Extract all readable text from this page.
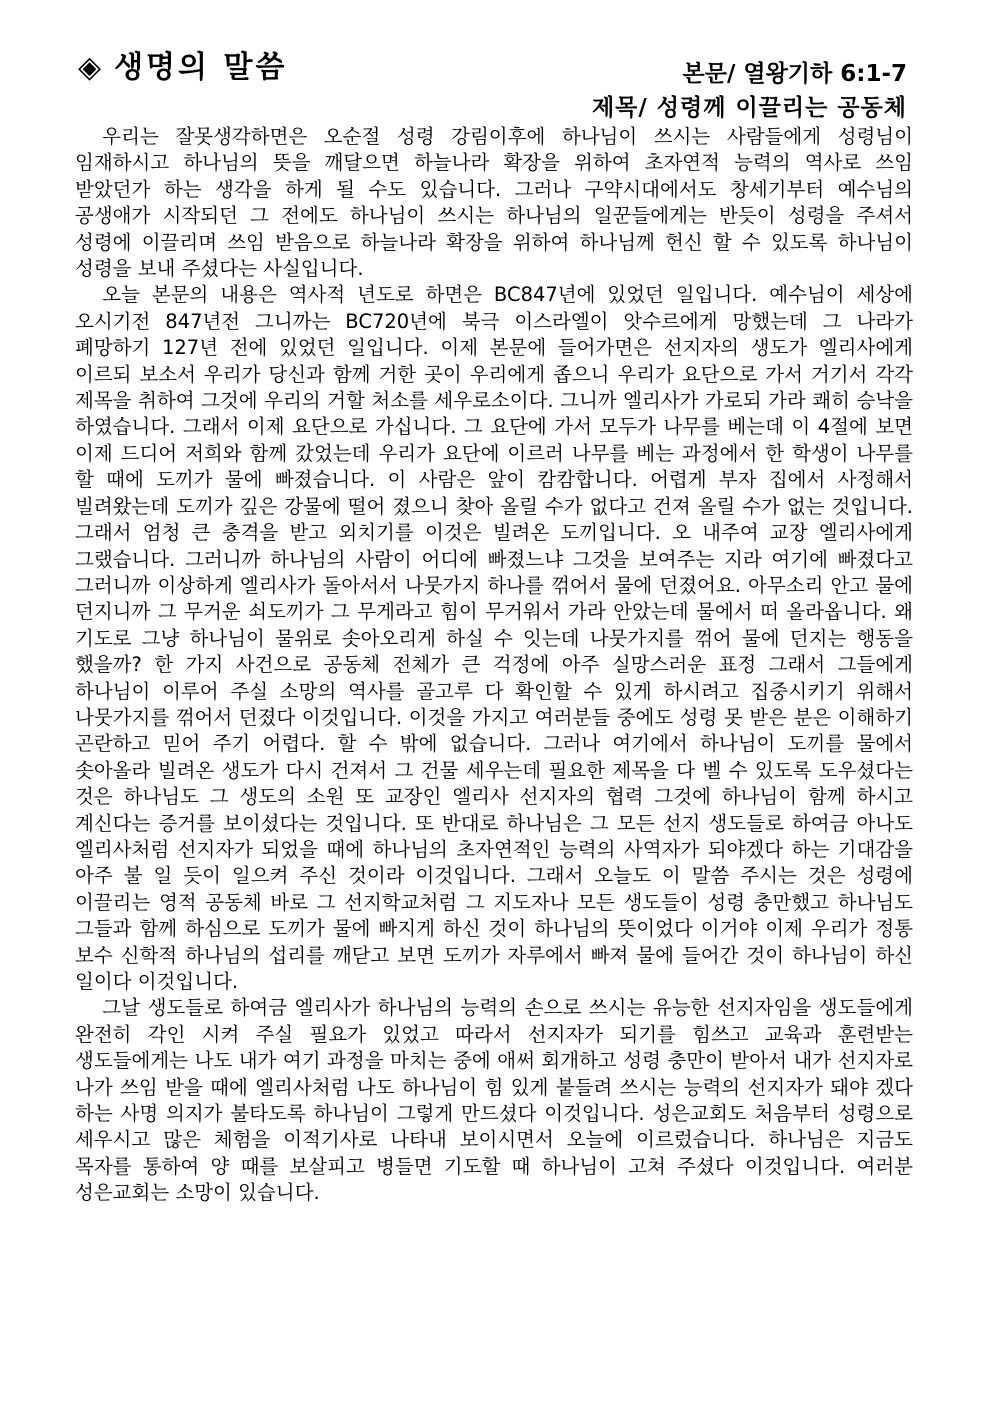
◈ 생명의 말씀	본문/ 열왕기하 6:1-7
제목/ 성령께 이끌리는 공동체

우리는 잘못생각하면은 오순절 성령 강림이후에 하나님이 쓰시는 사람들에게 성령님이 임재하시고 하나님의 뜻을 깨달으면 하늘나라 확장을 위하여 초자연적 능력의 역사로 쓰임 받았던가 하는 생각을 하게 될 수도 있습니다. 그러나 구약시대에서도 창세기부터 예수님의 공생애가 시작되던 그 전에도 하나님이 쓰시는 하나님의 일꾼들에게는 반듯이 성령을 주셔서 성령에 이끌리며 쓰임 받음으로 하늘나라 확장을 위하여 하나님께 헌신 할 수 있도록 하나님이 성령을 보내 주셨다는 사실입니다.

오늘 본문의 내용은 역사적 년도로 하면은 BC847년에 있었던 일입니다. 예수님이 세상에 오시기전 847년전 그니까는 BC720년에 북극 이스라엘이 앗수르에게 망했는데 그 나라가 폐망하기 127년 전에 있었던 일입니다. 이제 본문에 들어가면은 선지자의 생도가 엘리사에게 이르되 보소서 우리가 당신과 함께 거한 곳이 우리에게 좁으니 우리가 요단으로 가서 거기서 각각 제목을 취하여 그것에 우리의 거할 처소를 세우로소이다. 그니까 엘리사가 가로되 가라 쾌히 승낙을 하였습니다. 그래서 이제 요단으로 가십니다. 그 요단에 가서 모두가 나무를 베는데 이 4절에 보면 이제 드디어 저희와 함께 갔었는데 우리가 요단에 이르러 나무를 베는 과정에서 한 학생이 나무를 할 때에 도끼가 물에 빠졌습니다. 이 사람은 앞이 캄캄합니다. 어렵게 부자 집에서 사정해서 빌려왔는데 도끼가 깊은 강물에 떨어 졌으니 찾아 올릴 수가 없다고 건져 올릴 수가 없는 것입니다. 그래서 엄청 큰 충격을 받고 외치기를 이것은 빌려온 도끼입니다. 오 내주여 교장 엘리사에게 그랬습니다. 그러니까 하나님의 사람이 어디에 빠졌느냐 그것을 보여주는 지라 여기에 빠졌다고 그러니까 이상하게 엘리사가 돌아서서 나뭇가지 하나를 꺾어서 물에 던졌어요. 아무소리 안고 물에 던지니까 그 무거운 쇠도끼가 그 무게라고 힘이 무거워서 가라 안았는데 물에서 떠 올라옵니다. 왜 기도로 그냥 하나님이 물위로 솟아오리게 하실 수 잇는데 나뭇가지를 꺾어 물에 던지는 행동을 했을까? 한 가지 사건으로 공동체 전체가 큰 걱정에 아주 실망스러운 표정 그래서 그들에게 하나님이 이루어 주실 소망의 역사를 골고루 다 확인할 수 있게 하시려고 집중시키기 위해서 나뭇가지를 꺾어서 던졌다 이것입니다. 이것을 가지고 여러분들 중에도 성령 못 받은 분은 이해하기 곤란하고 믿어 주기 어렵다. 할 수 밖에 없습니다. 그러나 여기에서 하나님이 도끼를 물에서 솟아올라 빌려온 생도가 다시 건져서 그 건물 세우는데 필요한 제목을 다 벨 수 있도록 도우셨다는 것은 하나님도 그 생도의 소원 또 교장인 엘리사 선지자의 협력 그것에 하나님이 함께 하시고 계신다는 증거를 보이셨다는 것입니다. 또 반대로 하나님은 그 모든 선지 생도들로 하여금 아나도 엘리사처럼 선지자가 되었을 때에 하나님의 초자연적인 능력의 사역자가 되야겠다 하는 기대감을 아주 불 일 듯이 일으켜 주신 것이라 이것입니다. 그래서 오늘도 이 말씀 주시는 것은 성령에 이끌리는 영적 공동체 바로 그 선지학교처럼 그 지도자나 모든 생도들이 성령 충만했고 하나님도 그들과 함께 하심으로 도끼가 물에 빠지게 하신 것이 하나님의 뜻이었다 이거야 이제 우리가 정통 보수 신학적 하나님의 섭리를 깨닫고 보면 도끼가 자루에서 빠져 물에 들어간 것이 하나님이 하신 일이다 이것입니다.

그날 생도들로 하여금 엘리사가 하나님의 능력의 손으로 쓰시는 유능한 선지자임을 생도들에게 완전히 각인 시켜 주실 필요가 있었고 따라서 선지자가 되기를 힘쓰고 교육과 훈련받는 생도들에게는 나도 내가 여기 과정을 마치는 중에 애써 회개하고 성령 충만이 받아서 내가 선지자로 나가 쓰임 받을 때에 엘리사처럼 나도 하나님이 힘 있게 붙들려 쓰시는 능력의 선지자가 돼야 겠다 하는 사명 의지가 불타도록 하나님이 그렇게 만드셨다 이것입니다. 성은교회도 처음부터 성령으로 세우시고 많은 체험을 이적기사로 나타내 보이시면서 오늘에 이르렀습니다. 하나님은 지금도 목자를 통하여 양 때를 보살피고 병들면 기도할 때 하나님이 고쳐 주셨다 이것입니다. 여러분 성은교회는 소망이 있습니다.
